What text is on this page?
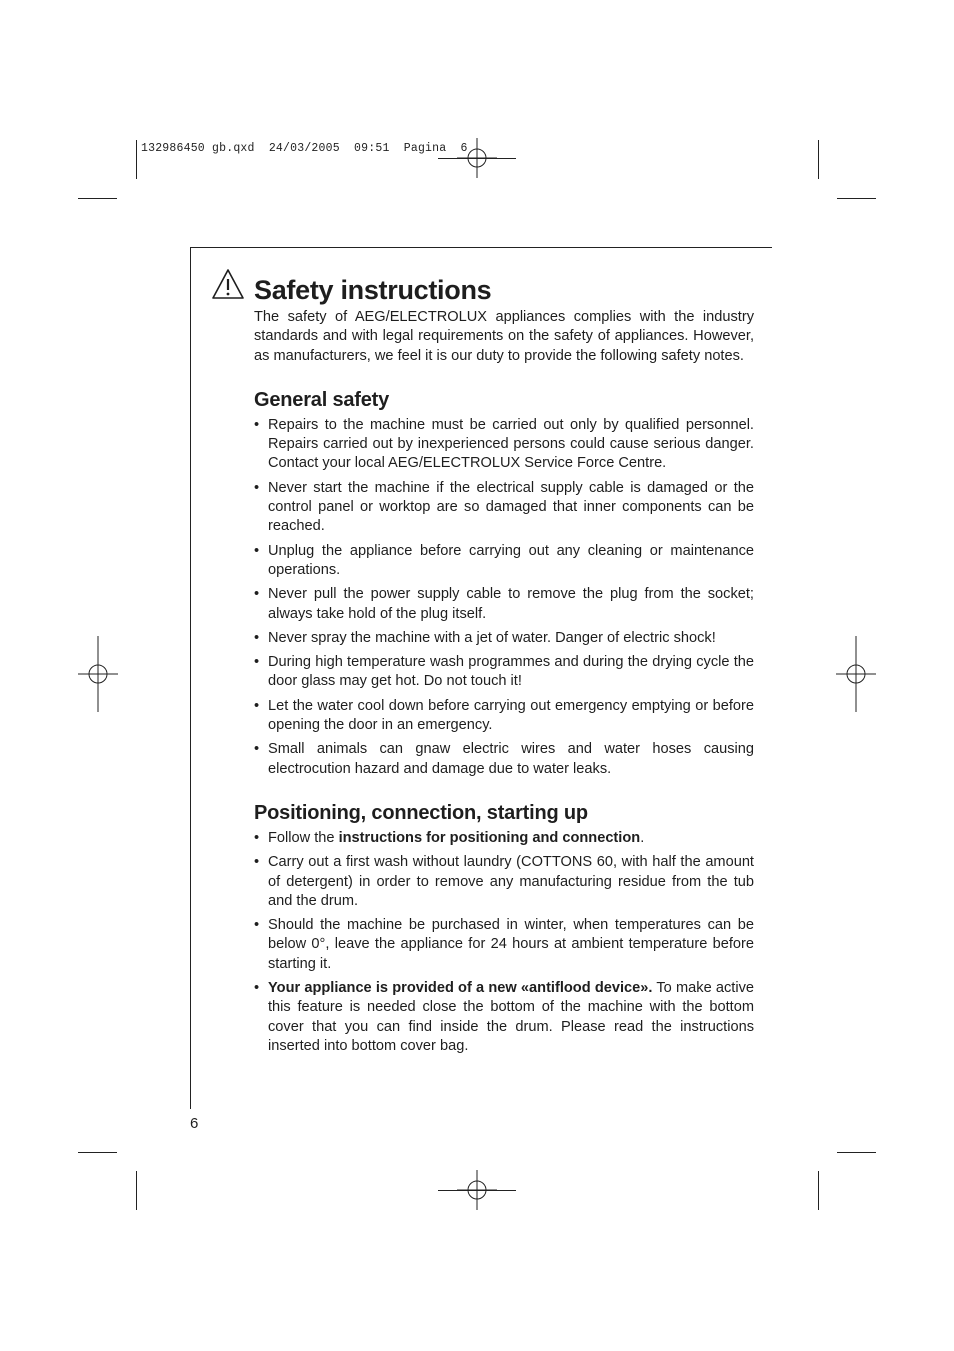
132986450 gb.qxd  24/03/2005  09:51  Pagina  6
Safety instructions

The safety of AEG/ELECTROLUX appliances complies with the industry standards and with legal requirements on the safety of appliances. However, as manufacturers, we feel it is our duty to provide the following safety notes.

General safety
• Repairs to the machine must be carried out only by qualified personnel. Repairs carried out by inexperienced persons could cause serious danger. Contact your local AEG/ELECTROLUX Service Force Centre.
• Never start the machine if the electrical supply cable is damaged or the control panel or worktop are so damaged that inner components can be reached.
• Unplug the appliance before carrying out any cleaning or maintenance operations.
• Never pull the power supply cable to remove the plug from the socket; always take hold of the plug itself.
• Never spray the machine with a jet of water. Danger of electric shock!
• During high temperature wash programmes and during the drying cycle the door glass may get hot. Do not touch it!
• Let the water cool down before carrying out emergency emptying or before opening the door in an emergency.
• Small animals can gnaw electric wires and water hoses causing electrocution hazard and damage due to water leaks.
Positioning, connection, starting up
• Follow the instructions for positioning and connection.
• Carry out a first wash without laundry (COTTONS 60, with half the amount of detergent) in order to remove any manufacturing residue from the tub and the drum.
• Should the machine be purchased in winter, when temperatures can be below 0°, leave the appliance for 24 hours at ambient temperature before starting it.
• Your appliance is provided of a new «antiflood device». To make active this feature is needed close the bottom of the machine with the bottom cover that you can find inside the drum. Please read the instructions inserted into bottom cover bag.
6
